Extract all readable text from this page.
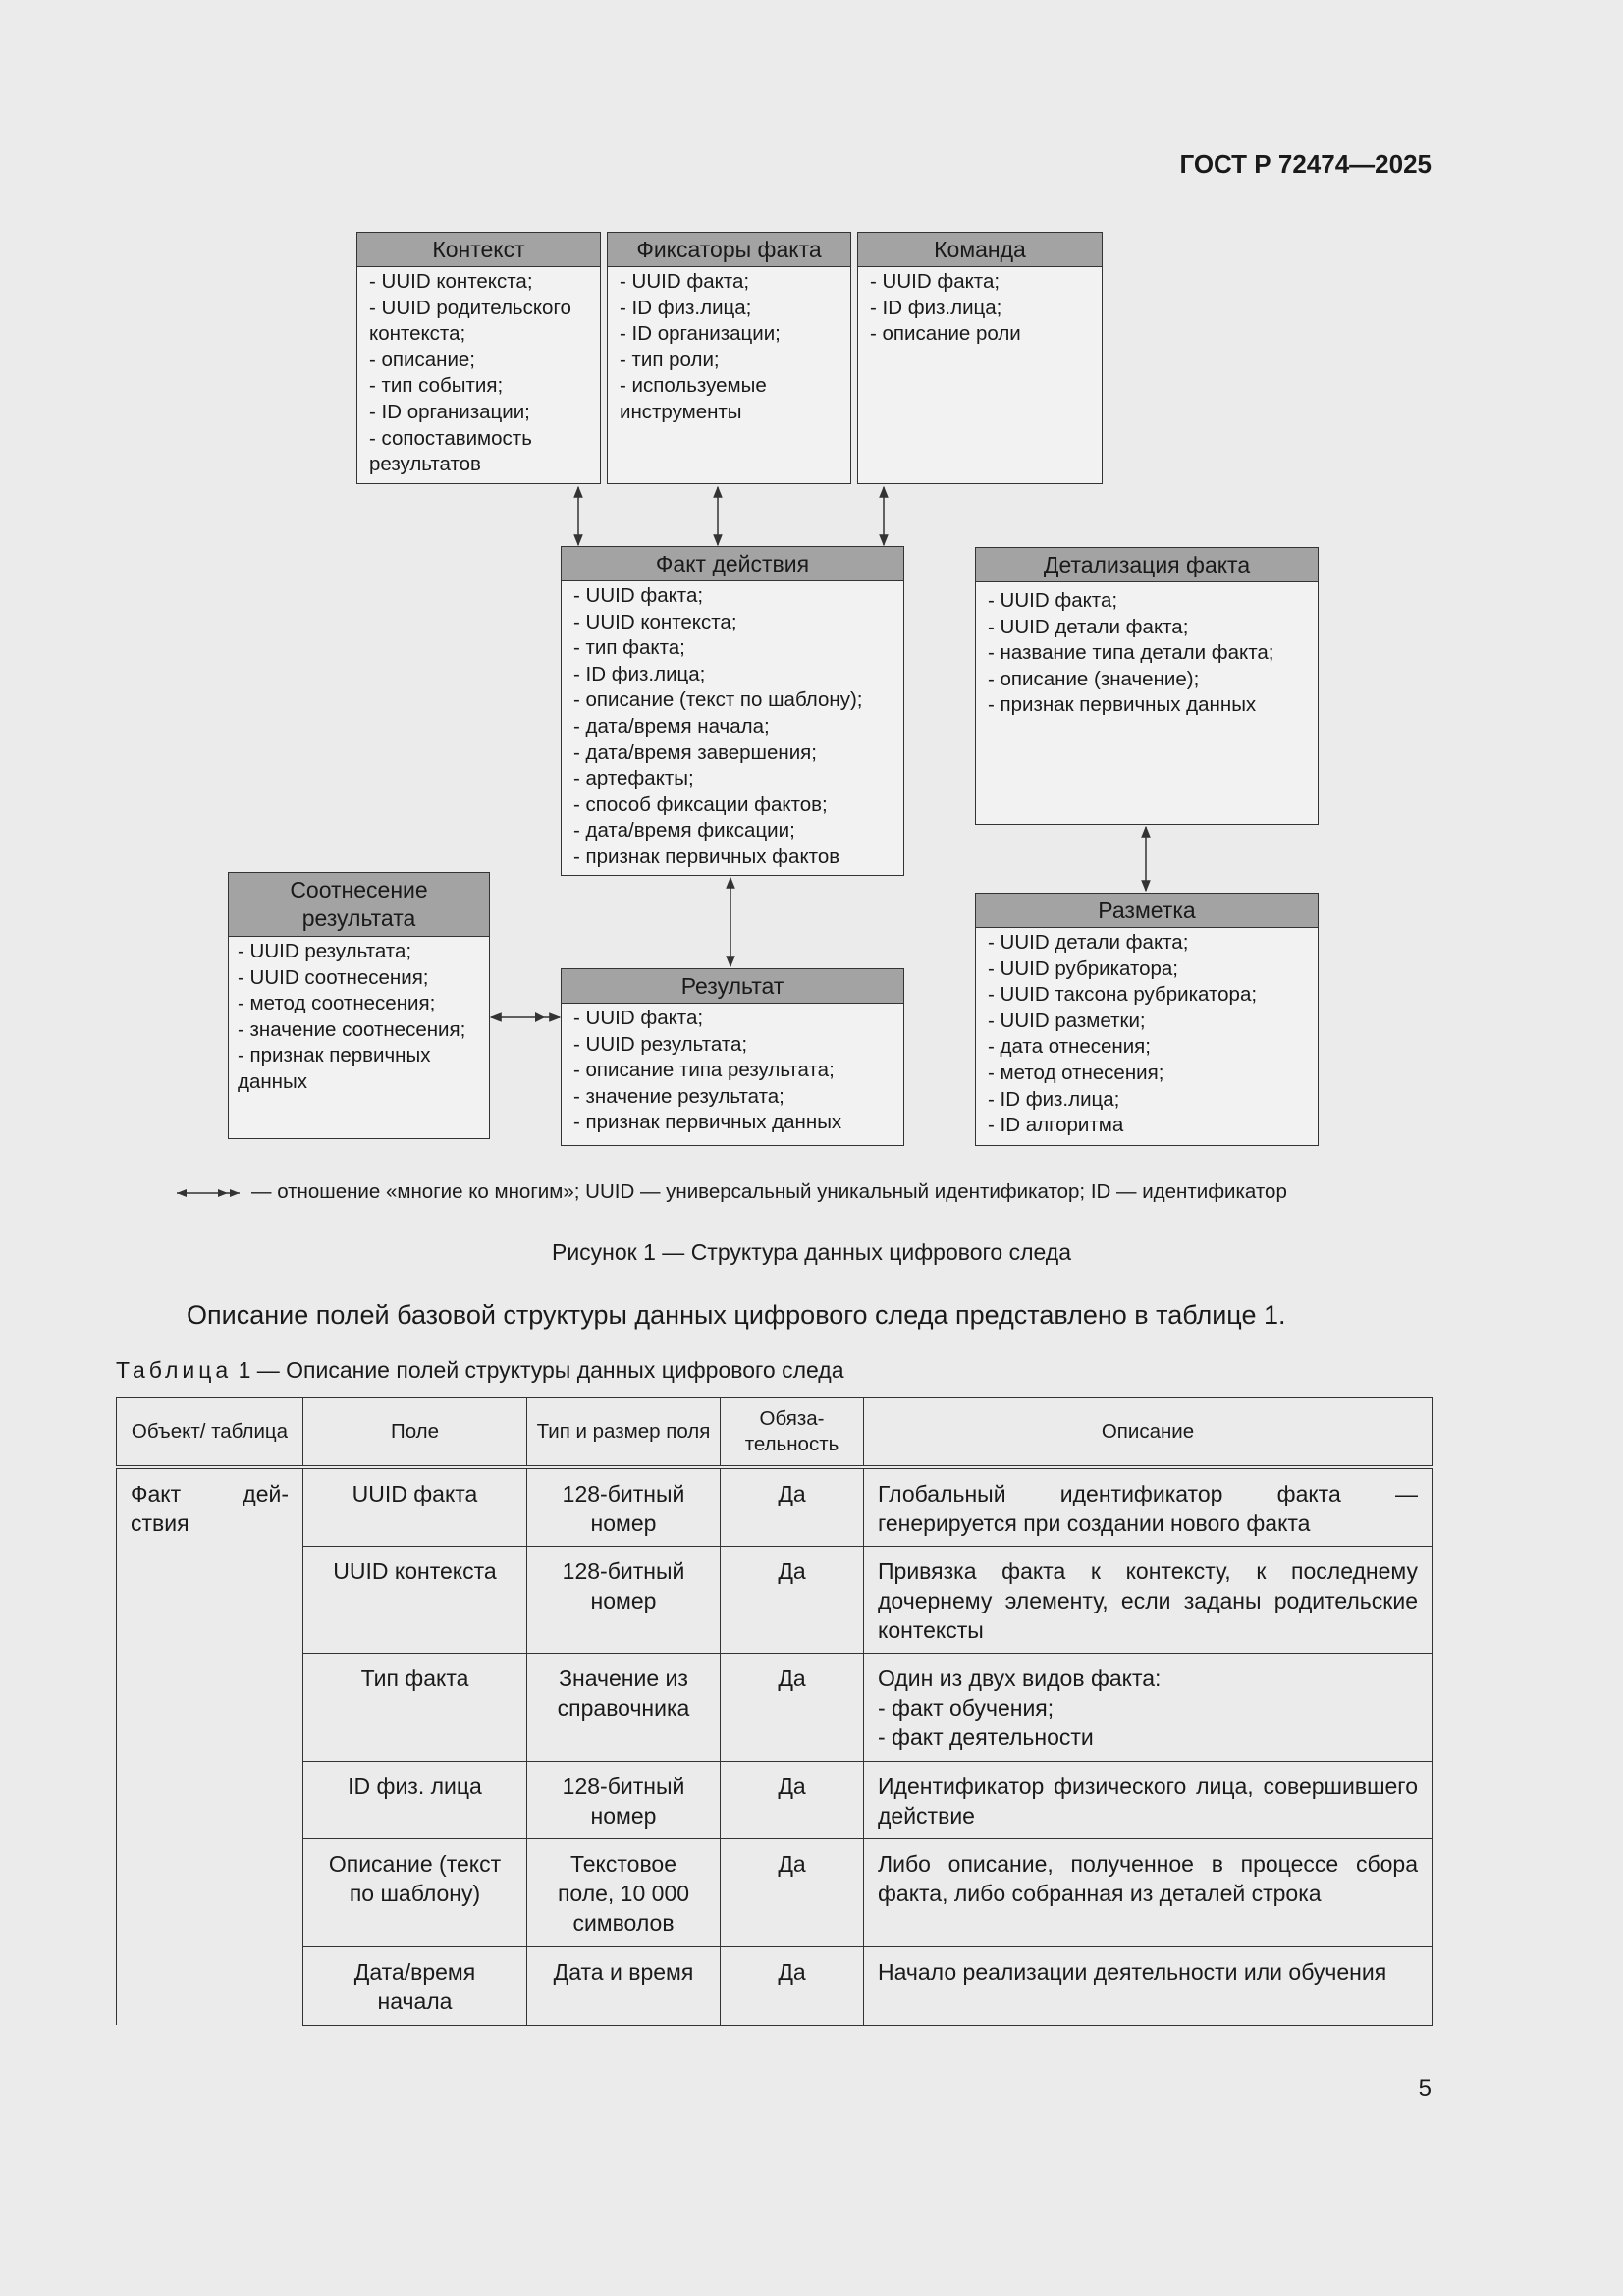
ГОСТ Р 72474—2025
Контекст
- UUID контекста;
- UUID родительского
контекста;
- описание;
- тип события;
- ID организации;
- сопоставимость
результатов
Фиксаторы факта
- UUID факта;
- ID физ.лица;
- ID организации;
- тип роли;
- используемые
инструменты
Команда
- UUID факта;
- ID физ.лица;
- описание роли
Факт действия
- UUID факта;
- UUID контекста;
- тип факта;
- ID физ.лица;
- описание (текст по шаблону);
- дата/время начала;
- дата/время завершения;
- артефакты;
- способ фиксации фактов;
- дата/время фиксации;
- признак первичных фактов
Детализация факта
- UUID факта;
- UUID детали факта;
- название типа детали факта;
- описание (значение);
- признак первичных данных
Соотнесение
результата
- UUID результата;
- UUID соотнесения;
- метод соотнесения;
- значение соотнесения;
- признак первичных
данных
Результат
- UUID факта;
- UUID результата;
- описание типа результата;
- значение результата;
- признак первичных данных
Разметка
- UUID детали факта;
- UUID рубрикатора;
- UUID таксона рубрикатора;
- UUID разметки;
- дата отнесения;
- метод отнесения;
- ID физ.лица;
- ID алгоритма
— отношение «многие ко многим»; UUID — универсальный уникальный идентификатор; ID — идентификатор
Рисунок 1 — Структура данных цифрового следа
Описание полей базовой структуры данных цифрового следа представлено в таблице 1.
Таблица 1 — Описание полей структуры данных цифрового следа
Объект/ таблица	Поле	Тип и размер поля	Обяза- тельность	Описание
Факт дей- ствия	UUID факта	128-битный номер	Да	Глобальный идентификатор факта — генерируется при создании нового факта
	UUID контекста	128-битный номер	Да	Привязка факта к контексту, к последнему дочернему элементу, если заданы родительские контексты
	Тип факта	Значение из справочника	Да	Один из двух видов факта:
- факт обучения;
- факт деятельности

	ID физ. лица	128-битный номер	Да	Идентификатор физического лица, совершившего действие
	Описание (текст по шаблону)	Текстовое поле, 10 000 символов	Да	Либо описание, полученное в процессе сбора факта, либо собранная из деталей строка
	Дата/время начала	Дата и время	Да	Начало реализации деятельности или обучения
5
